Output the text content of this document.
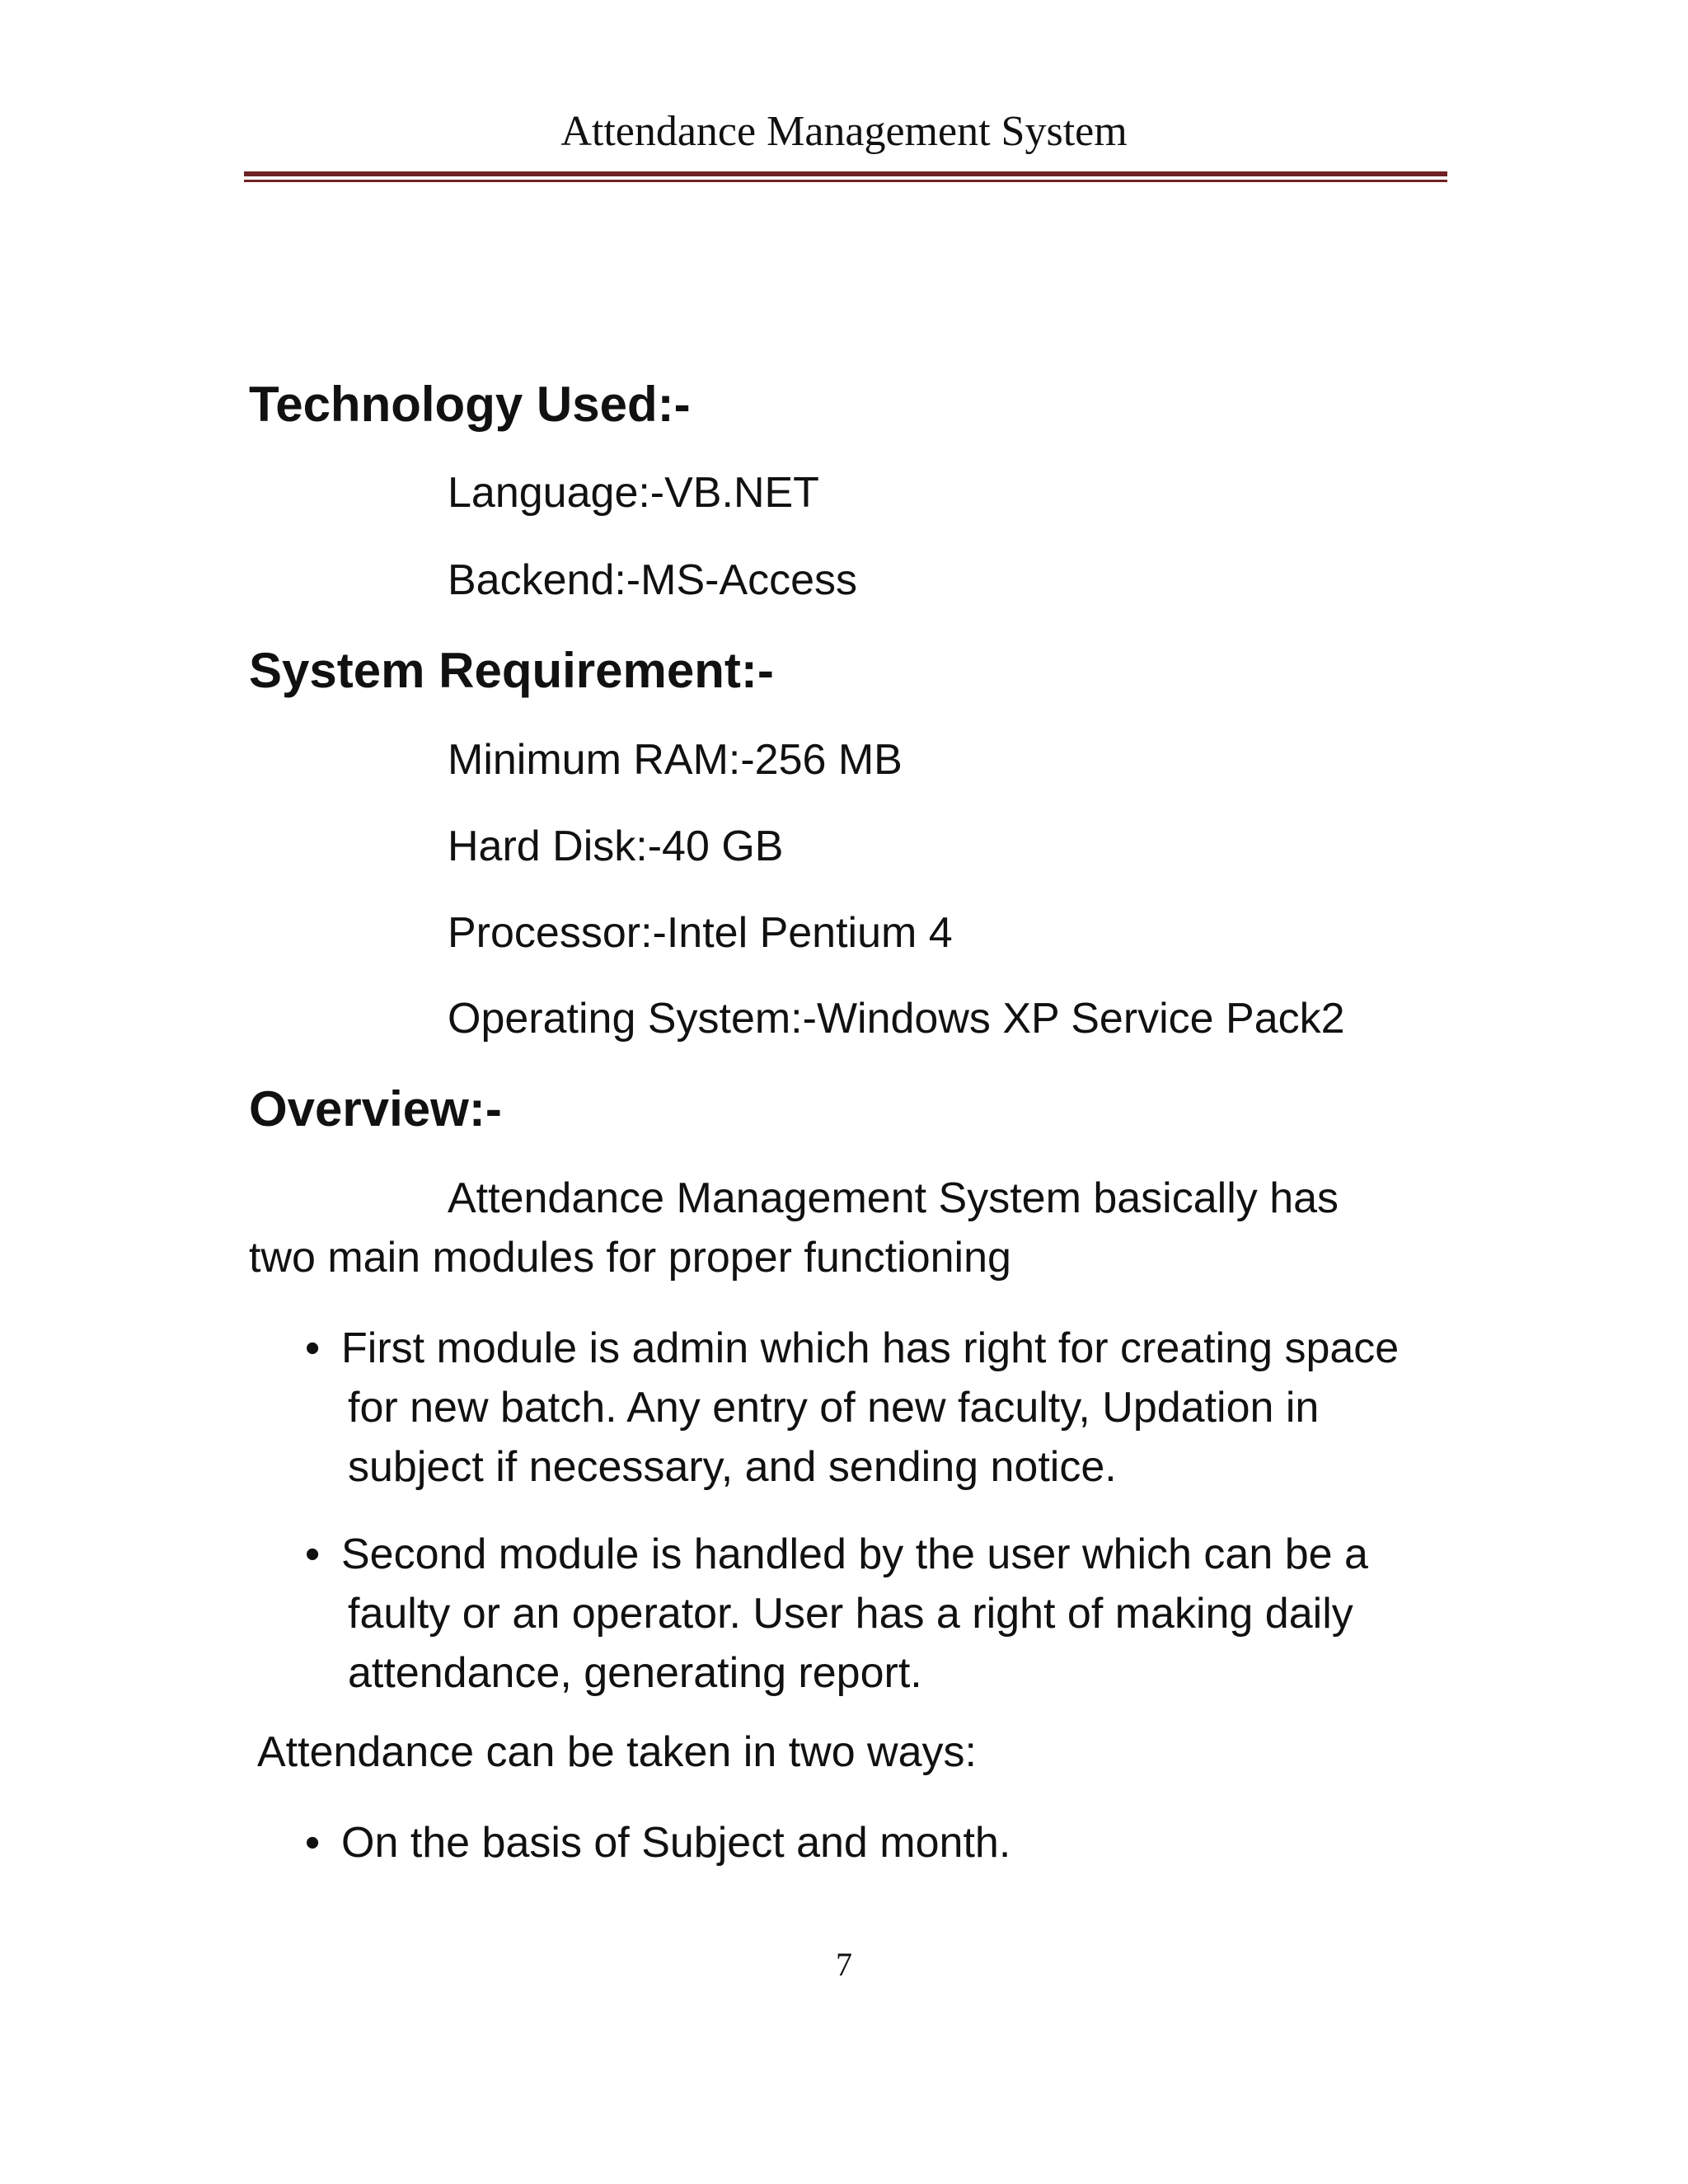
Attendance Management System
Technology Used:-
Language:-VB.NET
Backend:-MS-Access
System Requirement:-
Minimum RAM:-256 MB
Hard Disk:-40 GB
Processor:-Intel Pentium 4
Operating System:-Windows XP Service Pack2
Overview:-
Attendance Management System basically has
two main modules for proper functioning
• First module is admin which has right for creating space
for new batch. Any entry of new faculty, Updation in
subject if necessary, and sending notice.
• Second module is handled by the user which can be a
faulty or an operator. User has a right of making daily
attendance, generating report.
Attendance can be taken in two ways:
• On the basis of Subject and month.
7
